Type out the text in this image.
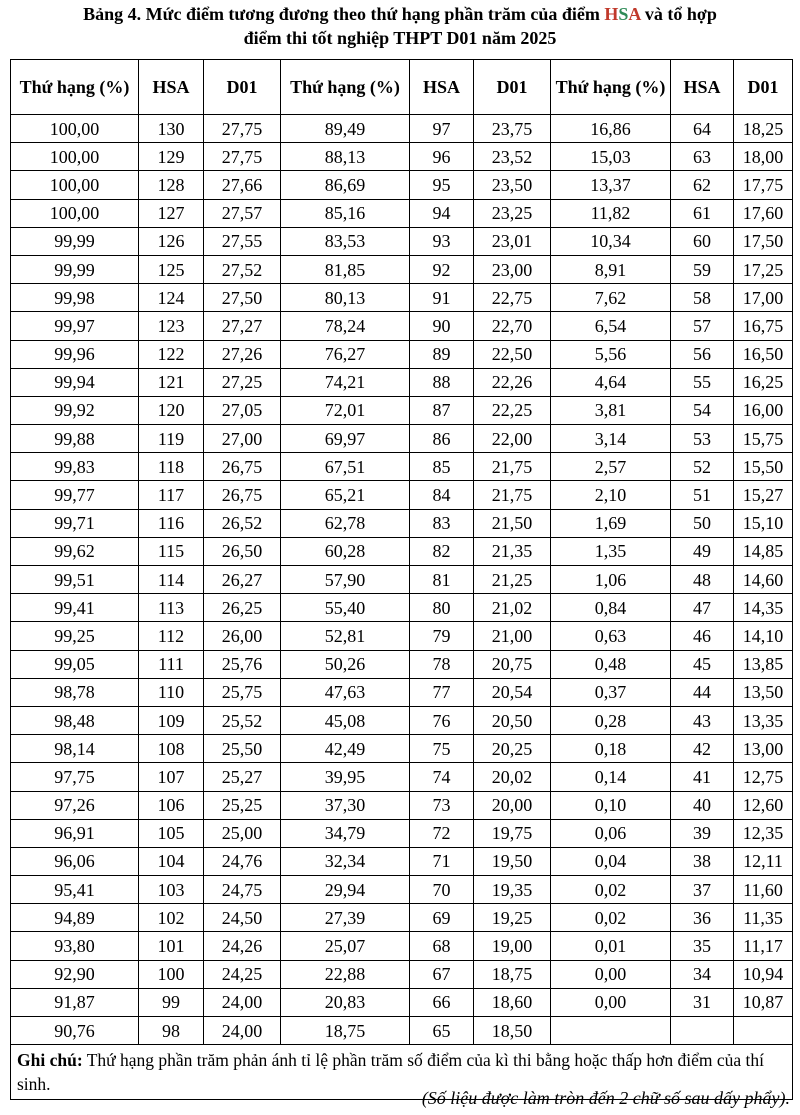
Bảng 4. Mức điểm tương đương theo thứ hạng phần trăm của điểm HSA và tổ hợp
điểm thi tốt nghiệp THPT D01 năm 2025
Thứ hạng (%)	HSA	D01	Thứ hạng (%)	HSA	D01	Thứ hạng (%)	HSA	D01
100,00	130	27,75	89,49	97	23,75	16,86	64	18,25
100,00	129	27,75	88,13	96	23,52	15,03	63	18,00
100,00	128	27,66	86,69	95	23,50	13,37	62	17,75
100,00	127	27,57	85,16	94	23,25	11,82	61	17,60
99,99	126	27,55	83,53	93	23,01	10,34	60	17,50
99,99	125	27,52	81,85	92	23,00	8,91	59	17,25
99,98	124	27,50	80,13	91	22,75	7,62	58	17,00
99,97	123	27,27	78,24	90	22,70	6,54	57	16,75
99,96	122	27,26	76,27	89	22,50	5,56	56	16,50
99,94	121	27,25	74,21	88	22,26	4,64	55	16,25
99,92	120	27,05	72,01	87	22,25	3,81	54	16,00
99,88	119	27,00	69,97	86	22,00	3,14	53	15,75
99,83	118	26,75	67,51	85	21,75	2,57	52	15,50
99,77	117	26,75	65,21	84	21,75	2,10	51	15,27
99,71	116	26,52	62,78	83	21,50	1,69	50	15,10
99,62	115	26,50	60,28	82	21,35	1,35	49	14,85
99,51	114	26,27	57,90	81	21,25	1,06	48	14,60
99,41	113	26,25	55,40	80	21,02	0,84	47	14,35
99,25	112	26,00	52,81	79	21,00	0,63	46	14,10
99,05	111	25,76	50,26	78	20,75	0,48	45	13,85
98,78	110	25,75	47,63	77	20,54	0,37	44	13,50
98,48	109	25,52	45,08	76	20,50	0,28	43	13,35
98,14	108	25,50	42,49	75	20,25	0,18	42	13,00
97,75	107	25,27	39,95	74	20,02	0,14	41	12,75
97,26	106	25,25	37,30	73	20,00	0,10	40	12,60
96,91	105	25,00	34,79	72	19,75	0,06	39	12,35
96,06	104	24,76	32,34	71	19,50	0,04	38	12,11
95,41	103	24,75	29,94	70	19,35	0,02	37	11,60
94,89	102	24,50	27,39	69	19,25	0,02	36	11,35
93,80	101	24,26	25,07	68	19,00	0,01	35	11,17
92,90	100	24,25	22,88	67	18,75	0,00	34	10,94
91,87	99	24,00	20,83	66	18,60	0,00	31	10,87
90,76	98	24,00	18,75	65	18,50			
Ghi chú: Thứ hạng phần trăm phản ánh tỉ lệ phần trăm số điểm của kì thi bằng hoặc thấp hơn điểm của thí sinh.								
(Số liệu được làm tròn đến 2 chữ số sau dấy phẩy).
